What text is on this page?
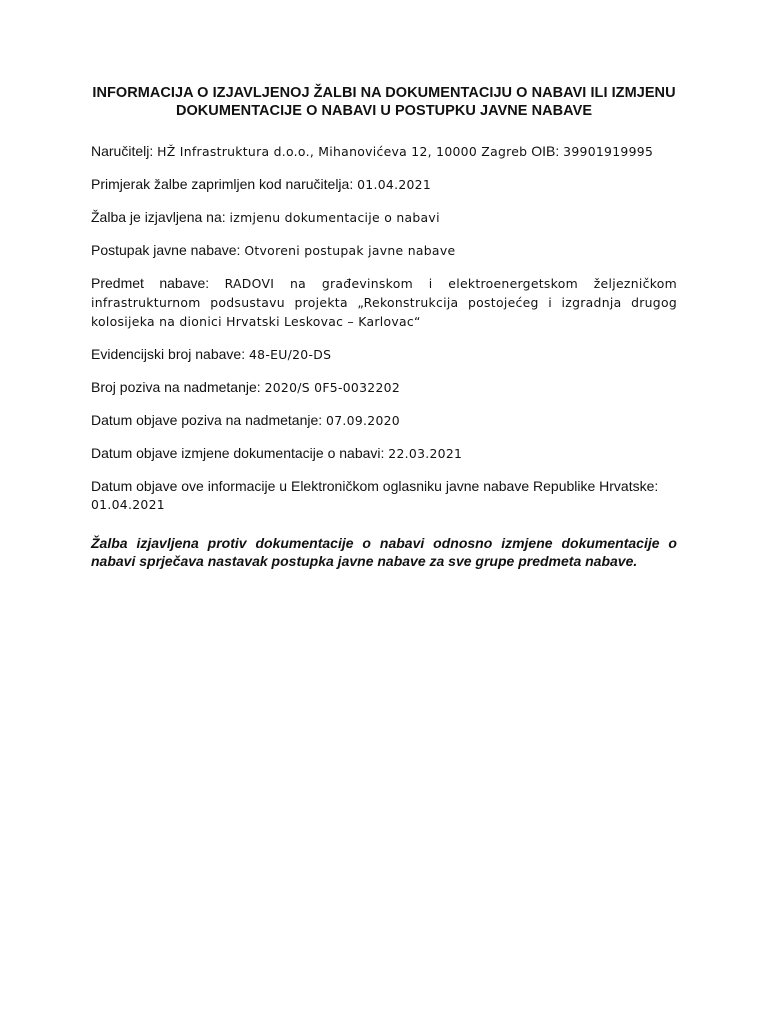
INFORMACIJA O IZJAVLJENOJ ŽALBI NA DOKUMENTACIJU O NABAVI ILI IZMJENU
DOKUMENTACIJE O NABAVI U POSTUPKU JAVNE NABAVE
Naručitelj: HŽ Infrastruktura d.o.o., Mihanovićeva 12, 10000 Zagreb OIB: 39901919995
Primjerak žalbe zaprimljen kod naručitelja: 01.04.2021
Žalba je izjavljena na: izmjenu dokumentacije o nabavi
Postupak javne nabave: Otvoreni postupak javne nabave
Predmet nabave: RADOVI na građevinskom i elektroenergetskom željezničkom infrastrukturnom podsustavu projekta „Rekonstrukcija postojećeg i izgradnja drugog kolosijeka na dionici Hrvatski Leskovac – Karlovac“
Evidencijski broj nabave: 48-EU/20-DS
Broj poziva na nadmetanje: 2020/S 0F5-0032202
Datum objave poziva na nadmetanje: 07.09.2020
Datum objave izmjene dokumentacije o nabavi: 22.03.2021
Datum objave ove informacije u Elektroničkom oglasniku javne nabave Republike Hrvatske: 01.04.2021
Žalba izjavljena protiv dokumentacije o nabavi odnosno izmjene dokumentacije o nabavi sprječava nastavak postupka javne nabave za sve grupe predmeta nabave.
